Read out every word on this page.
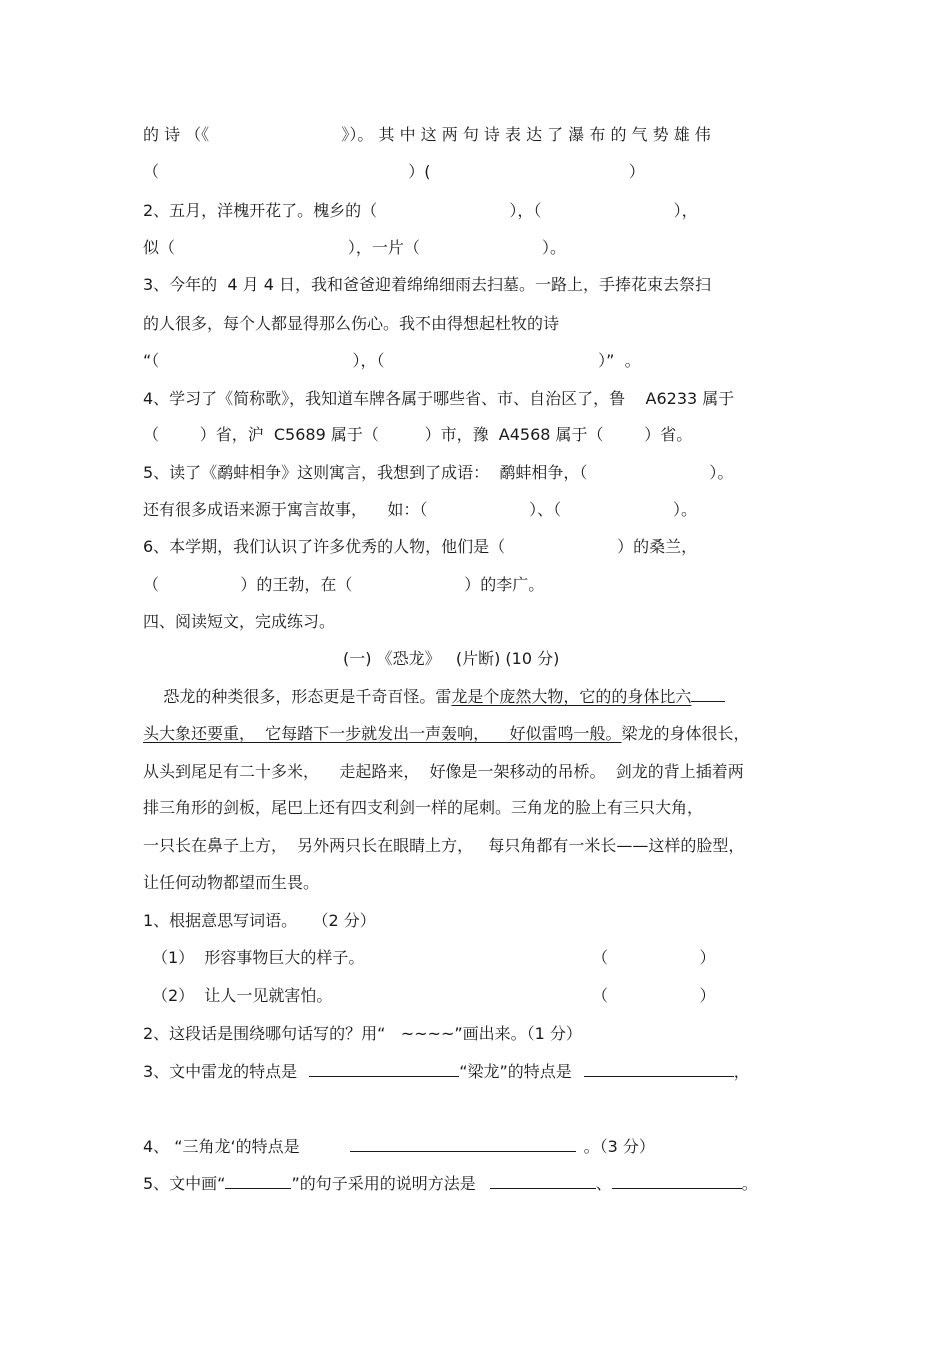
的 诗 （《                          》）。 其 中 这 两 句 诗 表 达 了 瀑 布 的 气 势 雄 伟
（                                                 ）(                                       ）
2、五月，洋槐开花了。槐乡的（                          ），（                          ），
似（                                  ），一片（                        ）。
3、今年的  4 月 4 日，我和爸爸迎着绵绵细雨去扫墓。一路上，手捧花束去祭扫
的人很多，每个人都显得那么伤心。我不由得想起杜牧的诗
“（                                      ），（                                          ）”  。
4、学习了《简称歌》，我知道车牌各属于哪些省、市、自治区了，鲁    A6233 属于
（        ）省，沪  C5689 属于（         ）市，豫  A4568 属于（        ）省。
5、读了《鹬蚌相争》这则寓言，我想到了成语：  鹬蚌相争，（                        ）。
还有很多成语来源于寓言故事，    如：（                    ）、（                      ）。
6、本学期，我们认识了许多优秀的人物，他们是（                      ）的桑兰，
（                ）的王勃，在（                      ）的李广。
四、阅读短文，完成练习。
(一) 《恐龙》   (片断) (10 分)
恐龙的种类很多，形态更是千奇百怪。雷龙是个庞然大物，它的的身体比六
头大象还要重，  它每踏下一步就发出一声轰响，    好似雷鸣一般。梁龙的身体很长，
从头到尾足有二十多米，    走起路来，  好像是一架移动的吊桥。  剑龙的背上插着两
排三角形的剑板，尾巴上还有四支利剑一样的尾刺。三角龙的脸上有三只大角，
一只长在鼻子上方，  另外两只长在眼睛上方，   每只角都有一米长——这样的脸型，
让任何动物都望而生畏。
1、根据意思写词语。   （2 分）
（1）  形容事物巨大的样子。	（                  ）
（2）  让人一见就害怕。	（                  ）
2、这段话是围绕哪句话写的？用“   ~~~~”画出来。（1 分）
3、文中雷龙的特点是	“梁龙”的特点是	，
4、 “三角龙‘的特点是	。（3 分）
5、文中画“	”的句子采用的说明方法是	、	。
